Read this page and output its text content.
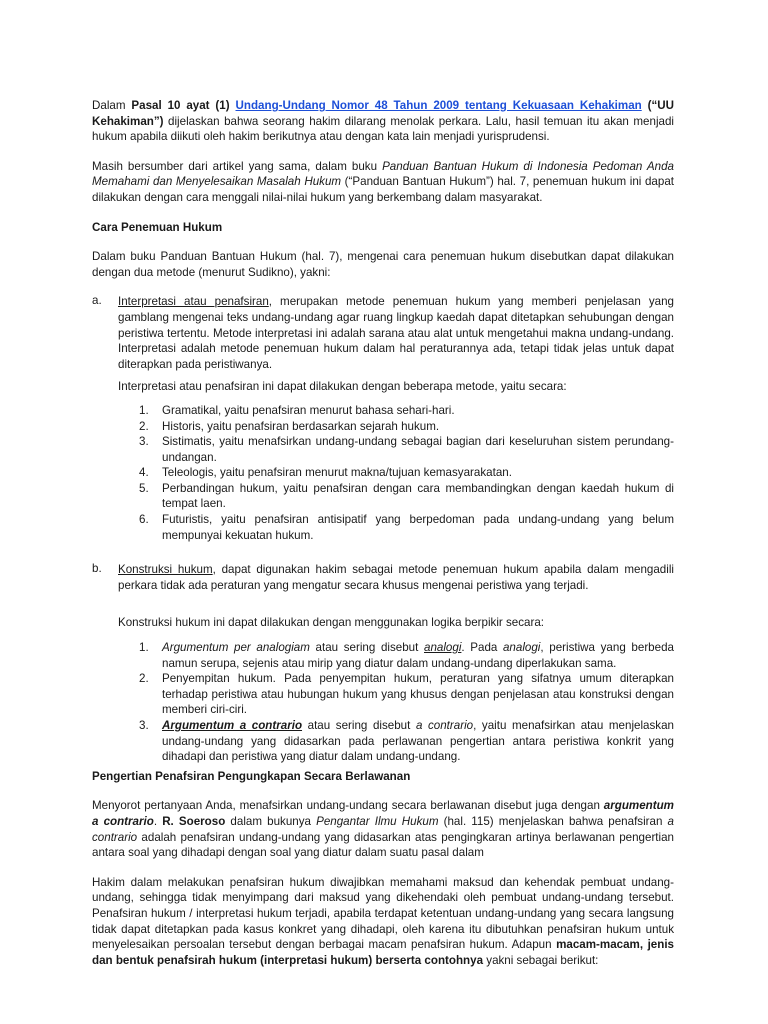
Dalam Pasal 10 ayat (1) Undang-Undang Nomor 48 Tahun 2009 tentang Kekuasaan Kehakiman (“UU Kehakiman”) dijelaskan bahwa seorang hakim dilarang menolak perkara. Lalu, hasil temuan itu akan menjadi hukum apabila diikuti oleh hakim berikutnya atau dengan kata lain menjadi yurisprudensi.

Masih bersumber dari artikel yang sama, dalam buku Panduan Bantuan Hukum di Indonesia Pedoman Anda Memahami dan Menyelesaikan Masalah Hukum (“Panduan Bantuan Hukum”) hal. 7, penemuan hukum ini dapat dilakukan dengan cara menggali nilai-nilai hukum yang berkembang dalam masyarakat.

Cara Penemuan Hukum

Dalam buku Panduan Bantuan Hukum (hal. 7), mengenai cara penemuan hukum disebutkan dapat dilakukan dengan dua metode (menurut Sudikno), yakni:

a. Interpretasi atau penafsiran, merupakan metode penemuan hukum yang memberi penjelasan yang gamblang mengenai teks undang-undang agar ruang lingkup kaedah dapat ditetapkan sehubungan dengan peristiwa tertentu. Metode interpretasi ini adalah sarana atau alat untuk mengetahui makna undang-undang. Interpretasi adalah metode penemuan hukum dalam hal peraturannya ada, tetapi tidak jelas untuk dapat diterapkan pada peristiwanya.

Interpretasi atau penafsiran ini dapat dilakukan dengan beberapa metode, yaitu secara:

1. Gramatikal, yaitu penafsiran menurut bahasa sehari-hari.
2. Historis, yaitu penafsiran berdasarkan sejarah hukum.
3. Sistimatis, yaitu menafsirkan undang-undang sebagai bagian dari keseluruhan sistem perundang-undangan.
4. Teleologis, yaitu penafsiran menurut makna/tujuan kemasyarakatan.
5. Perbandingan hukum, yaitu penafsiran dengan cara membandingkan dengan kaedah hukum di tempat laen.
6. Futuristis, yaitu penafsiran antisipatif yang berpedoman pada undang-undang yang belum mempunyai kekuatan hukum.
b. Konstruksi hukum, dapat digunakan hakim sebagai metode penemuan hukum apabila dalam mengadili perkara tidak ada peraturan yang mengatur secara khusus mengenai peristiwa yang terjadi.

Konstruksi hukum ini dapat dilakukan dengan menggunakan logika berpikir secara:

1. Argumentum per analogiam atau sering disebut analogi. Pada analogi, peristiwa yang berbeda namun serupa, sejenis atau mirip yang diatur dalam undang-undang diperlakukan sama.
2. Penyempitan hukum. Pada penyempitan hukum, peraturan yang sifatnya umum diterapkan terhadap peristiwa atau hubungan hukum yang khusus dengan penjelasan atau konstruksi dengan memberi ciri-ciri.
3. Argumentum a contrario atau sering disebut a contrario, yaitu menafsirkan atau menjelaskan undang-undang yang didasarkan pada perlawanan pengertian antara peristiwa konkrit yang dihadapi dan peristiwa yang diatur dalam undang-undang.

Pengertian Penafsiran Pengungkapan Secara Berlawanan

Menyorot pertanyaan Anda, menafsirkan undang-undang secara berlawanan disebut juga dengan argumentum a contrario. R. Soeroso dalam bukunya Pengantar Ilmu Hukum (hal. 115) menjelaskan bahwa penafsiran a contrario adalah penafsiran undang-undang yang didasarkan atas pengingkaran artinya berlawanan pengertian antara soal yang dihadapi dengan soal yang diatur dalam suatu pasal dalam

Hakim dalam melakukan penafsiran hukum diwajibkan memahami maksud dan kehendak pembuat undang-undang, sehingga tidak menyimpang dari maksud yang dikehendaki oleh pembuat undang-undang tersebut. Penafsiran hukum / interpretasi hukum terjadi, apabila terdapat ketentuan undang-undang yang secara langsung tidak dapat ditetapkan pada kasus konkret yang dihadapi, oleh karena itu dibutuhkan penafsiran hukum untuk menyelesaikan persoalan tersebut dengan berbagai macam penafsiran hukum. Adapun macam-macam, jenis dan bentuk penafsirah hukum (interpretasi hukum) berserta contohnya yakni sebagai berikut:
